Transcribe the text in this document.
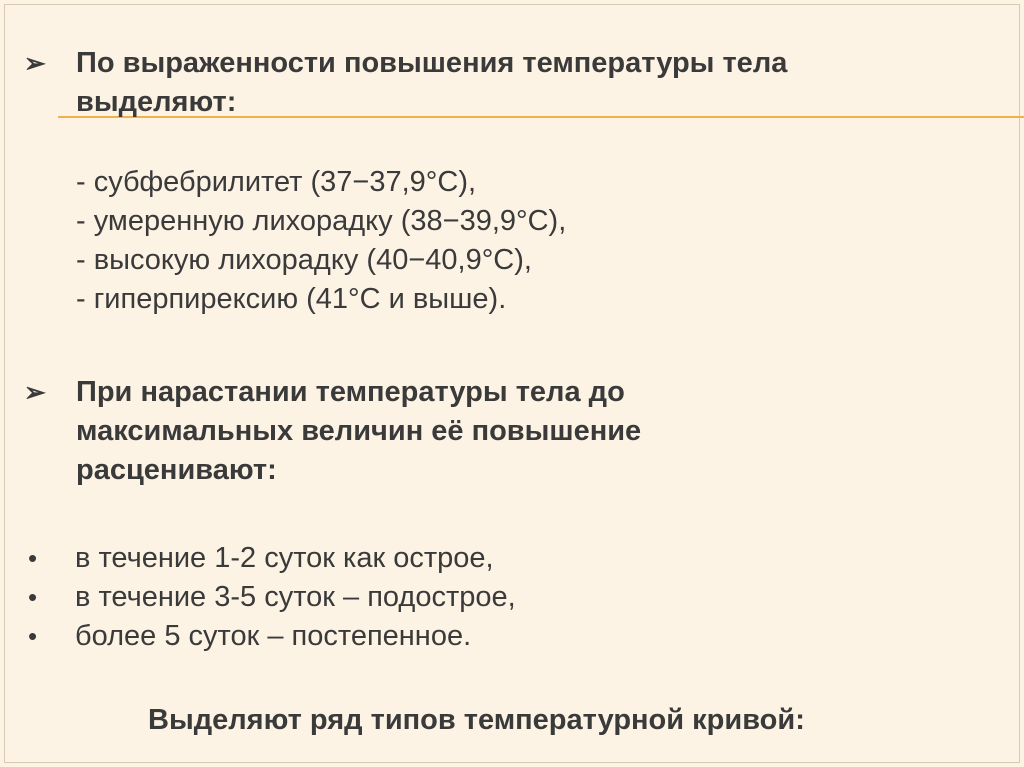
➢ По выраженности повышения температуры тела
выделяют:
- субфебрилитет (37−37,9°С),
- умеренную лихорадку (38−39,9°С),
- высокую лихорадку (40−40,9°С),
- гиперпирексию (41°С и выше).
➢ При нарастании температуры тела до
максимальных величин её повышение
расценивают:
• в течение 1-2 суток как острое,
• в течение 3-5 суток – подострое,
• более 5 суток – постепенное.
Выделяют ряд типов температурной кривой:
